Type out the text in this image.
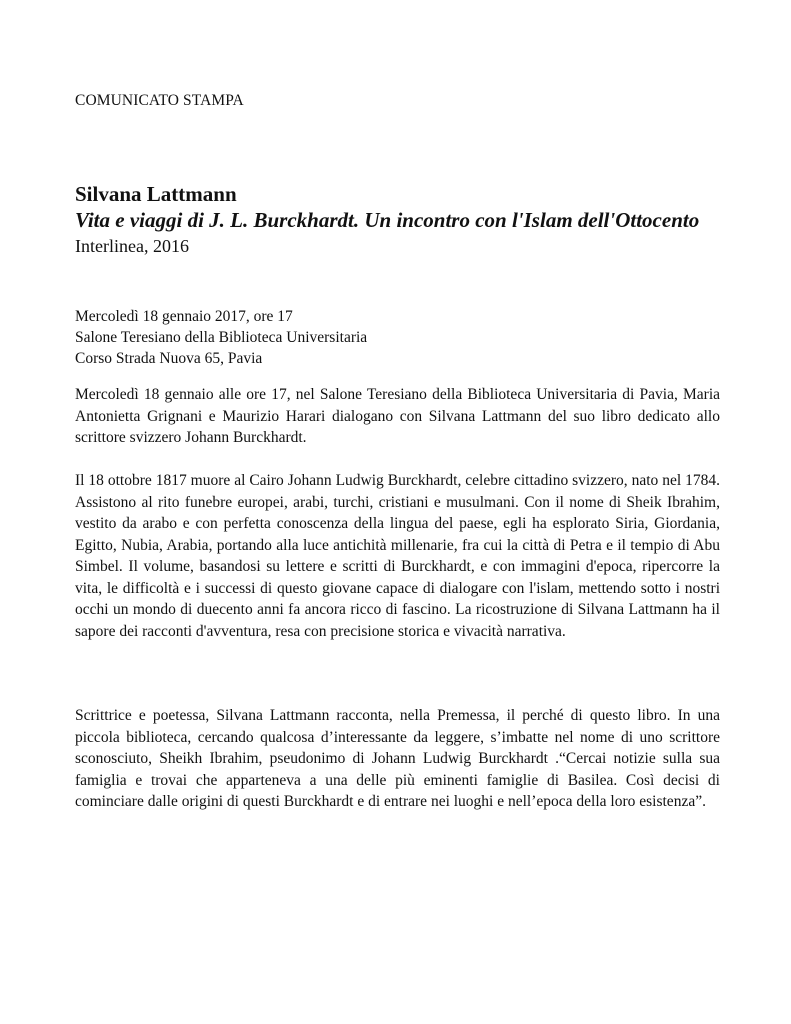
COMUNICATO STAMPA
Silvana Lattmann
Vita e viaggi di J. L. Burckhardt. Un incontro con l'Islam dell'Ottocento
Interlinea, 2016
Mercoledì 18 gennaio 2017, ore 17
Salone Teresiano della Biblioteca Universitaria
Corso Strada Nuova 65, Pavia

Mercoledì 18 gennaio alle ore 17, nel Salone Teresiano della Biblioteca Universitaria di Pavia, Maria Antonietta Grignani e Maurizio Harari dialogano con Silvana Lattmann del suo libro dedicato allo scrittore svizzero Johann Burckhardt.

Il 18 ottobre 1817 muore al Cairo Johann Ludwig Burckhardt, celebre cittadino svizzero, nato nel 1784. Assistono al rito funebre europei, arabi, turchi, cristiani e musulmani. Con il nome di Sheik Ibrahim, vestito da arabo e con perfetta conoscenza della lingua del paese, egli ha esplorato Siria, Giordania, Egitto, Nubia, Arabia, portando alla luce antichità millenarie, fra cui la città di Petra e il tempio di Abu Simbel. Il volume, basandosi su lettere e scritti di Burckhardt, e con immagini d'epoca, ripercorre la vita, le difficoltà e i successi di questo giovane capace di dialogare con l'islam, mettendo sotto i nostri occhi un mondo di duecento anni fa ancora ricco di fascino. La ricostruzione di Silvana Lattmann ha il sapore dei racconti d'avventura, resa con precisione storica e vivacità narrativa.

Scrittrice e poetessa, Silvana Lattmann racconta, nella Premessa, il perché di questo libro. In una piccola biblioteca, cercando qualcosa d’interessante da leggere, s’imbatte nel nome di uno scrittore sconosciuto, Sheikh Ibrahim, pseudonimo di Johann Ludwig Burckhardt .“Cercai notizie sulla sua famiglia e trovai che apparteneva a una delle più eminenti famiglie di Basilea. Così decisi di cominciare dalle origini di questi Burckhardt e di entrare nei luoghi e nell’epoca della loro esistenza”.
